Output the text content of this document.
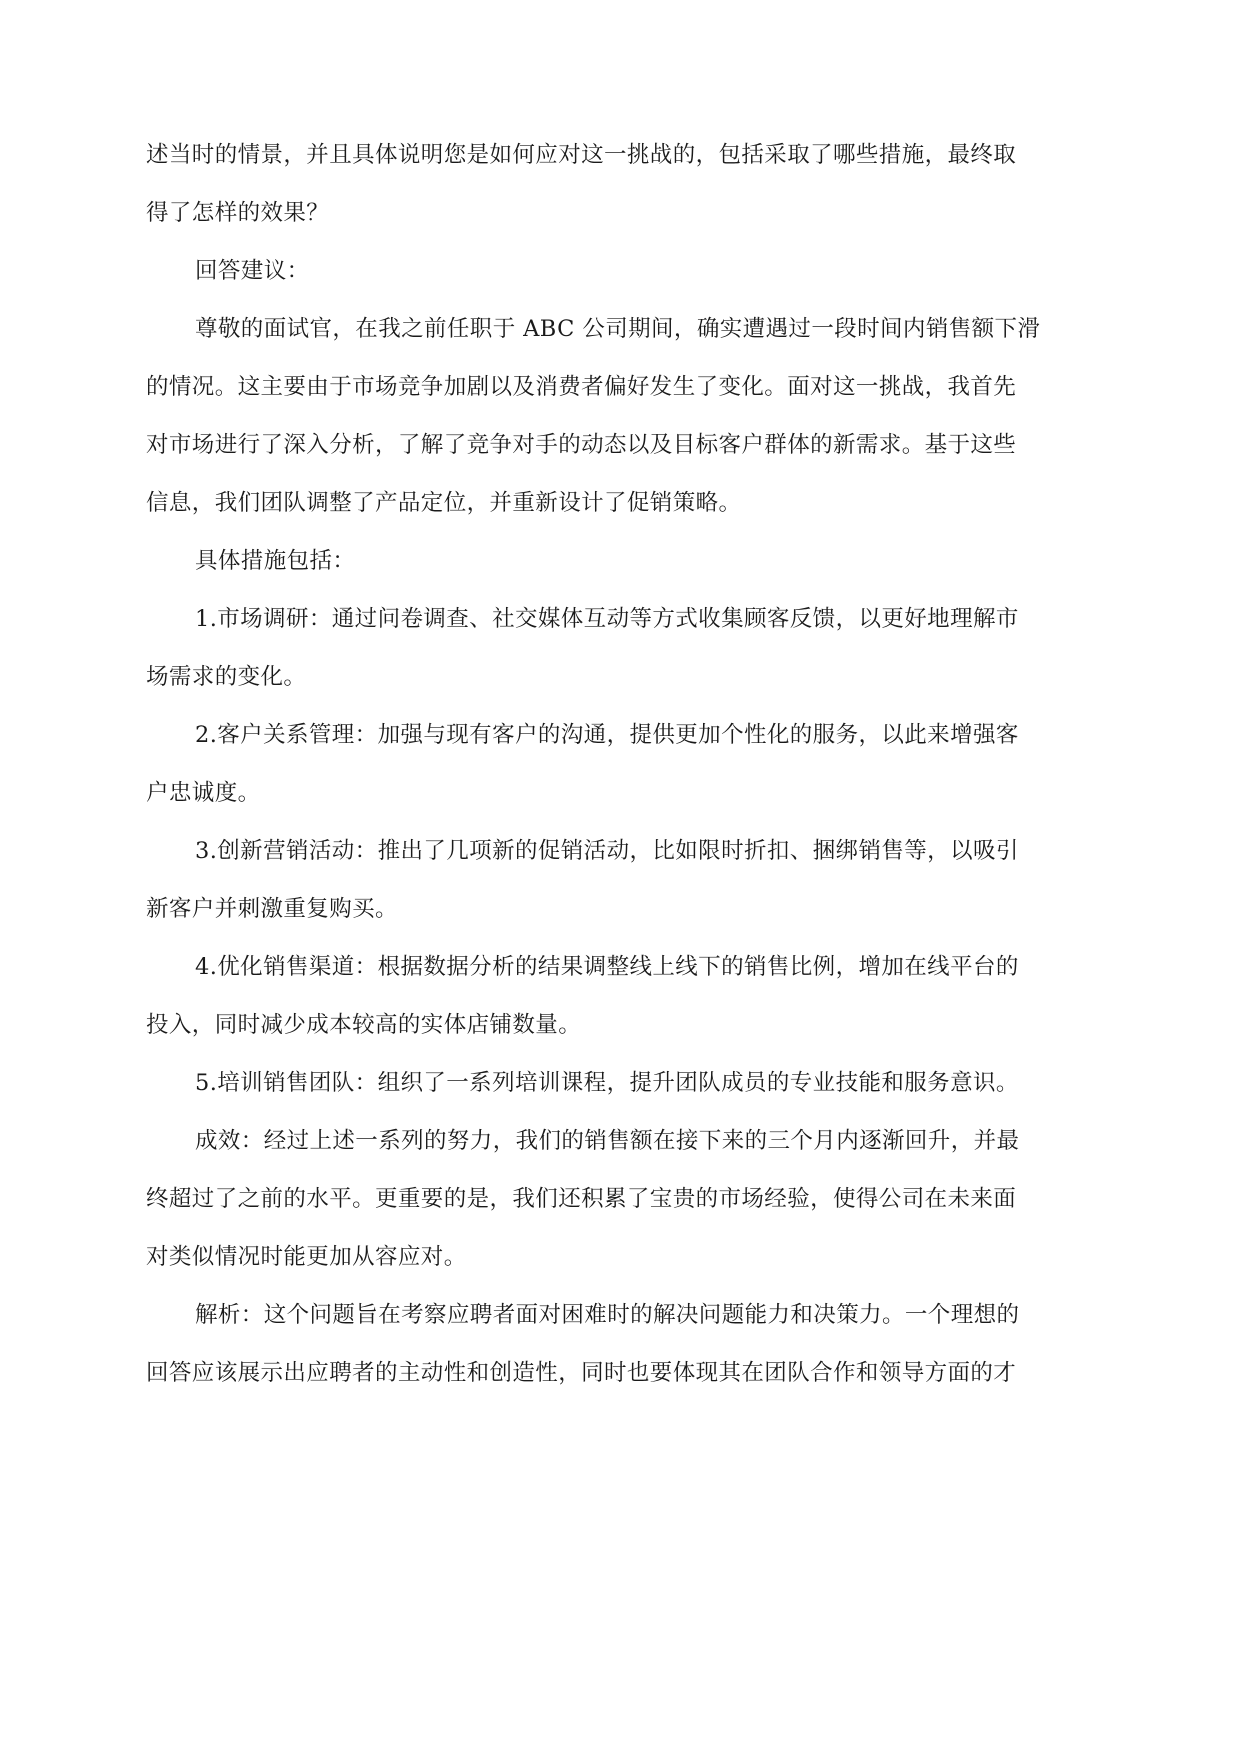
述当时的情景，并且具体说明您是如何应对这一挑战的，包括采取了哪些措施，最终取
得了怎样的效果？
回答建议：
尊敬的面试官，在我之前任职于 ABC 公司期间，确实遭遇过一段时间内销售额下滑
的情况。这主要由于市场竞争加剧以及消费者偏好发生了变化。面对这一挑战，我首先
对市场进行了深入分析，了解了竞争对手的动态以及目标客户群体的新需求。基于这些
信息，我们团队调整了产品定位，并重新设计了促销策略。
具体措施包括：
1.市场调研：通过问卷调查、社交媒体互动等方式收集顾客反馈，以更好地理解市
场需求的变化。
2.客户关系管理：加强与现有客户的沟通，提供更加个性化的服务，以此来增强客
户忠诚度。
3.创新营销活动：推出了几项新的促销活动，比如限时折扣、捆绑销售等，以吸引
新客户并刺激重复购买。
4.优化销售渠道：根据数据分析的结果调整线上线下的销售比例，增加在线平台的
投入，同时减少成本较高的实体店铺数量。
5.培训销售团队：组织了一系列培训课程，提升团队成员的专业技能和服务意识。
成效：经过上述一系列的努力，我们的销售额在接下来的三个月内逐渐回升，并最
终超过了之前的水平。更重要的是，我们还积累了宝贵的市场经验，使得公司在未来面
对类似情况时能更加从容应对。
解析：这个问题旨在考察应聘者面对困难时的解决问题能力和决策力。一个理想的
回答应该展示出应聘者的主动性和创造性，同时也要体现其在团队合作和领导方面的才
